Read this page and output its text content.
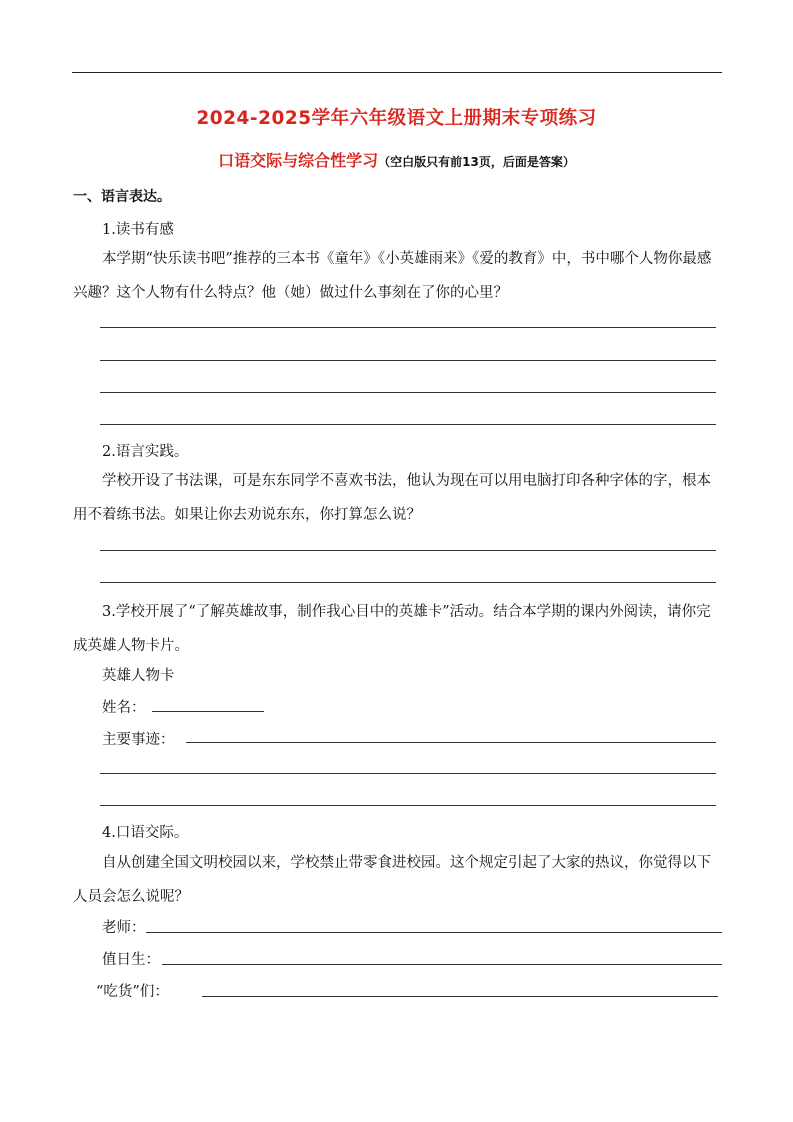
2024-2025学年六年级语文上册期末专项练习
口语交际与综合性学习（空白版只有前13页，后面是答案）
一、语言表达。
1.读书有感
本学期“快乐读书吧”推荐的三本书《童年》《小英雄雨来》《爱的教育》中，书中哪个人物你最感兴趣？这个人物有什么特点？他（她）做过什么事刻在了你的心里？
2.语言实践。
学校开设了书法课，可是东东同学不喜欢书法，他认为现在可以用电脑打印各种字体的字，根本用不着练书法。如果让你去劝说东东，你打算怎么说？
3.学校开展了“了解英雄故事，制作我心目中的英雄卡”活动。结合本学期的课内外阅读，请你完成英雄人物卡片。
英雄人物卡
姓名：
主要事迹：
4.口语交际。
自从创建全国文明校园以来，学校禁止带零食进校园。这个规定引起了大家的热议，你觉得以下人员会怎么说呢？
老师：
值日生：
“吃货”们：
